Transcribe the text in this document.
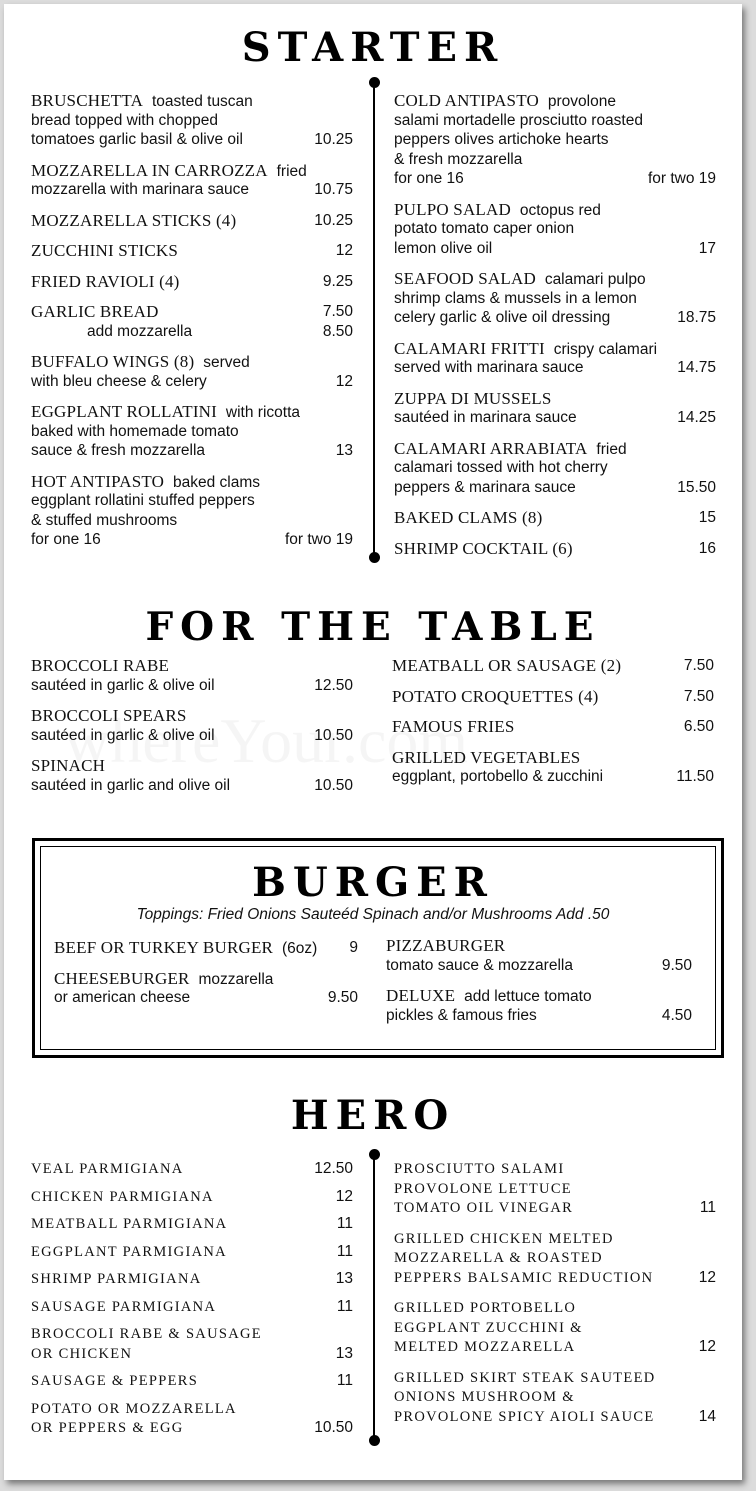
STARTER
BRUSCHETTA toasted tuscan
bread topped with chopped
tomatoes garlic basil & olive oil	10.25
MOZZARELLA IN CARROZZA fried
mozzarella with marinara sauce	10.75
MOZZARELLA STICKS (4)	10.25
ZUCCHINI STICKS	12
FRIED RAVIOLI (4)	9.25
GARLIC BREAD	7.50
add mozzarella	8.50
BUFFALO WINGS (8) served
with bleu cheese & celery	12
EGGPLANT ROLLATINI with ricotta
baked with homemade tomato
sauce & fresh mozzarella	13
HOT ANTIPASTO baked clams
eggplant rollatini stuffed peppers
& stuffed mushrooms
for one 16	for two 19
COLD ANTIPASTO provolone
salami mortadelle prosciutto roasted
peppers olives artichoke hearts
& fresh mozzarella
for one 16	for two 19
PULPO SALAD octopus red
potato tomato caper onion
lemon olive oil	17
SEAFOOD SALAD calamari pulpo
shrimp clams & mussels in a lemon
celery garlic & olive oil dressing	18.75
CALAMARI FRITTI crispy calamari
served with marinara sauce	14.75
ZUPPA DI MUSSELS
sautéed in marinara sauce	14.25
CALAMARI ARRABIATA fried
calamari tossed with hot cherry
peppers & marinara sauce	15.50
BAKED CLAMS (8)	15
SHRIMP COCKTAIL (6)	16
FOR THE TABLE
BROCCOLI RABE
sautéed in garlic & olive oil	12.50
BROCCOLI SPEARS
sautéed in garlic & olive oil	10.50
SPINACH
sautéed in garlic and olive oil	10.50
MEATBALL OR SAUSAGE (2)	7.50
POTATO CROQUETTES (4)	7.50
FAMOUS FRIES	6.50
GRILLED VEGETABLES
eggplant, portobello & zucchini	11.50
BURGER
Toppings: Fried Onions Sauteéd Spinach and/or Mushrooms Add .50
BEEF OR TURKEY BURGER (6oz) 9
CHEESEBURGER mozzarella
or american cheese	9.50
PIZZABURGER
tomato sauce & mozzarella	9.50
DELUXE add lettuce tomato
pickles & famous fries	4.50
HERO
VEAL PARMIGIANA	12.50
CHICKEN PARMIGIANA	12
MEATBALL PARMIGIANA	11
EGGPLANT PARMIGIANA	11
SHRIMP PARMIGIANA	13
SAUSAGE PARMIGIANA	11
BROCCOLI RABE & SAUSAGE
OR CHICKEN	13
SAUSAGE & PEPPERS	11
POTATO OR MOZZARELLA
OR PEPPERS & EGG	10.50
PROSCIUTTO SALAMI
PROVOLONE LETTUCE
TOMATO OIL VINEGAR	11
GRILLED CHICKEN MELTED
MOZZARELLA & ROASTED
PEPPERS BALSAMIC REDUCTION	12
GRILLED PORTOBELLO
EGGPLANT ZUCCHINI &
MELTED MOZZARELLA	12
GRILLED SKIRT STEAK SAUTEED
ONIONS MUSHROOM &
PROVOLONE SPICY AIOLI SAUCE	14
